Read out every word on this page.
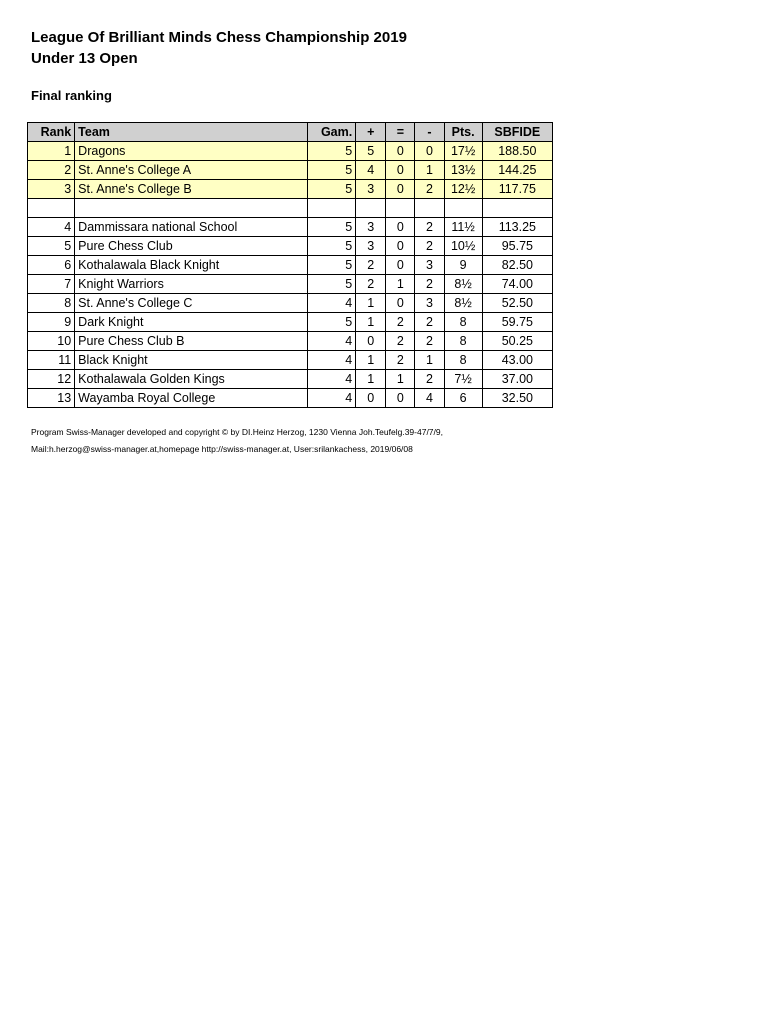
League Of Brilliant Minds Chess Championship 2019
Under 13 Open
Final ranking
Rank	Team	Gam.	+	=	-	Pts.	SBFIDE
1	Dragons	5	5	0	0	17½	188.50
2	St. Anne's College A	5	4	0	1	13½	144.25
3	St. Anne's College B	5	3	0	2	12½	117.75

4	Dammissara national School	5	3	0	2	11½	113.25
5	Pure Chess Club	5	3	0	2	10½	95.75
6	Kothalawala Black Knight	5	2	0	3	9	82.50
7	Knight Warriors	5	2	1	2	8½	74.00
8	St. Anne's College C	4	1	0	3	8½	52.50
9	Dark Knight	5	1	2	2	8	59.75
10	Pure Chess Club B	4	0	2	2	8	50.25
11	Black Knight	4	1	2	1	8	43.00
12	Kothalawala Golden Kings	4	1	1	2	7½	37.00
13	Wayamba Royal College	4	0	0	4	6	32.50
Program Swiss-Manager developed and copyright © by DI.Heinz Herzog, 1230 Vienna Joh.Teufelg.39-47/7/9,
Mail:h.herzog@swiss-manager.at,homepage http://swiss-manager.at, User:srilankachess, 2019/06/08
